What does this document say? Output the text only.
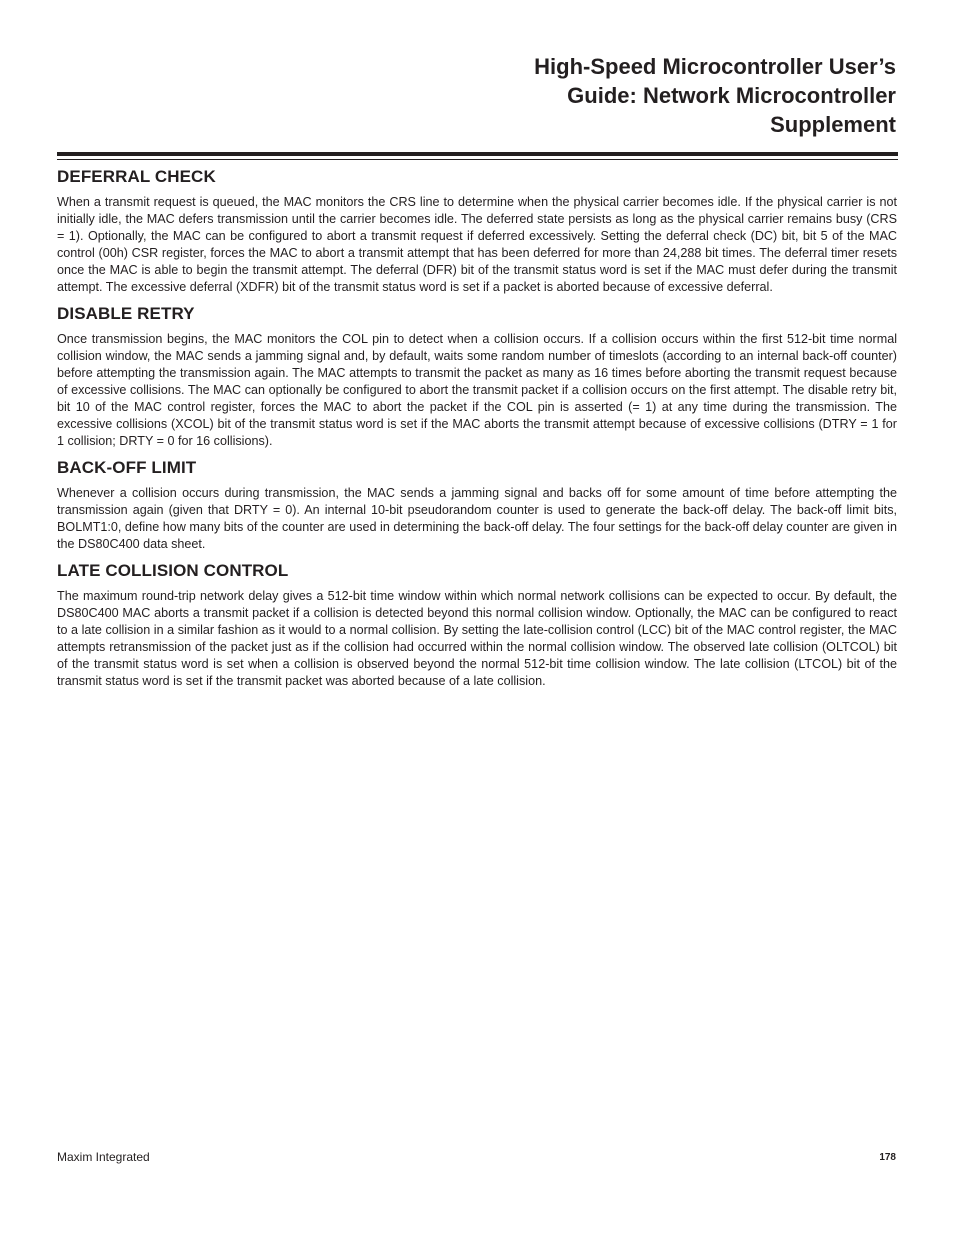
High-Speed Microcontroller User’s
Guide: Network Microcontroller
Supplement
DEFERRAL CHECK

When a transmit request is queued, the MAC monitors the CRS line to determine when the physical carrier becomes idle. If the physical carrier is not initially idle, the MAC defers transmission until the carrier becomes idle. The deferred state persists as long as the physical carrier remains busy (CRS = 1). Optionally, the MAC can be configured to abort a transmit request if deferred excessively. Setting the deferral check (DC) bit, bit 5 of the MAC control (00h) CSR register, forces the MAC to abort a transmit attempt that has been deferred for more than 24,288 bit times. The deferral timer resets once the MAC is able to begin the transmit attempt. The deferral (DFR) bit of the transmit status word is set if the MAC must defer during the transmit attempt. The excessive deferral (XDFR) bit of the transmit status word is set if a packet is aborted because of excessive deferral.

DISABLE RETRY

Once transmission begins, the MAC monitors the COL pin to detect when a collision occurs. If a collision occurs within the first 512-bit time normal collision window, the MAC sends a jamming signal and, by default, waits some random number of timeslots (according to an internal back-off counter) before attempting the transmission again. The MAC attempts to transmit the packet as many as 16 times before aborting the transmit request because of excessive collisions. The MAC can optionally be configured to abort the transmit packet if a collision occurs on the first attempt. The disable retry bit, bit 10 of the MAC control register, forces the MAC to abort the packet if the COL pin is asserted (= 1) at any time during the transmission. The excessive collisions (XCOL) bit of the transmit status word is set if the MAC aborts the transmit attempt because of excessive collisions (DTRY = 1 for 1 collision; DRTY = 0 for 16 collisions).

BACK-OFF LIMIT

Whenever a collision occurs during transmission, the MAC sends a jamming signal and backs off for some amount of time before attempting the transmission again (given that DRTY = 0). An internal 10-bit pseudorandom counter is used to generate the back-off delay. The back-off limit bits, BOLMT1:0, define how many bits of the counter are used in determining the back-off delay. The four settings for the back-off delay counter are given in the DS80C400 data sheet.

LATE COLLISION CONTROL

The maximum round-trip network delay gives a 512-bit time window within which normal network collisions can be expected to occur. By default, the DS80C400 MAC aborts a transmit packet if a collision is detected beyond this normal collision window. Optionally, the MAC can be configured to react to a late collision in a similar fashion as it would to a normal collision. By setting the late-collision control (LCC) bit of the MAC control register, the MAC attempts retransmission of the packet just as if the collision had occurred within the normal collision window. The observed late collision (OLTCOL) bit of the transmit status word is set when a collision is observed beyond the normal 512-bit time collision window. The late collision (LTCOL) bit of the transmit status word is set if the transmit packet was aborted because of a late collision.

Maxim Integrated	178
